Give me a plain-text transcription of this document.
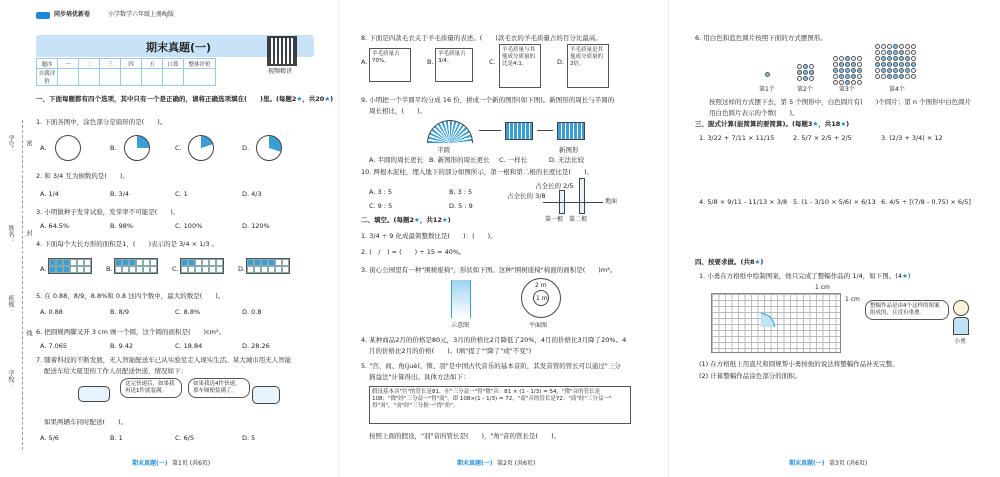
同步培优新卷	小学数学六年级上册RJ版
期末真题(一)
视频精讲
题序	一	二	三	四	五	口算	整体评价
自我评价							
学号：
姓名：
班级：
学校：
密
封
线
一、下面每题都有四个选项，其中只有一个是正确的，请将正确选项填在(　　)里。(每题2★，共20★)
1. 下面各图中，涂色部分是扇形的是(　　)。
A.	B.	C.	D.
2. 和 3/4 互为倒数的是(　　)。
A. 1/4	B. 3/4	C. 1	D. 4/3
3. 小明做种子发芽试验，发芽率不可能是(　　)。
A. 64.5%	B. 98%	C. 100%	D. 120%
4. 下面每个大长方形的面积是1，(　　)表示的是 3/4 × 1/3 。
A.	B.	C.	D.
5. 在 0.88，8/9，8.8%和 0.8 这四个数中，最大的数是(　　)。
A. 0.88	B. 8/9	C. 8.8%	D. 0.8
6. 把圆规两脚叉开 3 cm 画一个圆，这个圆的面积是(　　)cm²。
A. 7.065	B. 9.42	C. 18.84	D. 28.26
7. 随着科技的不断发展，无人智能配送车已从实验室走入现实生活。某大城市用无人智能
配送车给大厦里的工作人员配送快递，情况如下：
送完快递后，如果我再送1件就装满。
如果我送4件快递，那车厢便装满了。
如果两辆车同时配送(　　)。
A. 5/6	B. 1	C. 6/5	D. 5
期末真题(一) 第1页 (共6页)
8. 下面是四款毛衣关于羊毛质量的表述。(　　)款毛衣的羊毛质量占的百分比最高。
A.
羊毛质量占70%。	B.
羊毛质量占 3/4。	C.
羊毛质量与其他成分质量的比是4:1。	D.
羊毛质量是其他成分质量的2倍。
9. 小明把一个半圆平均分成 16 份，拼成一个新的图形(如下图)。新图形的周长与半圆的
周长相比，(　　)。
半圆	新图形
A. 半圆的周长更长 B. 新图形的周长更长 C. 一样长	D. 无法比较
10. 两根木泥柱，埋入地下的部分如图所示，第一根和第二根的长度比是(　　)。
占全长的 2/5
占全长的 3/8
地面
第一根　第二根
A. 3 : 5	B. 3 : 5
C. 9 : 5	D. 5 : 9
二、填空。(每题2★，共12★)
1. 3/4 ÷ 9 化成最简整数比是(　　)：(　　)。
2. (　/　) = (　　) ÷ 15 = 40%。
3. 街心公园里有一种"围树座椅"，形状如下图。这种"围树座椅"椅面的面积是(　　)m²。
示意图
2 m
1 m
平面图
4. 某种商品2月的价格是80元，3月的价格比2月降低了20%，4月的价格比3月降了20%。4
月的价格比2月的价格(　　)。(填"提了""降了"或"不变")
5. "宫、商、角(jué)、徵、羽"是中国古代音乐的基本音阶，其发音管的管长可以通过"三分
损益法"计算得出。具体方法如下：
假设基本音"宫"的管长是81，在"三分益一"得"徵"音：81 × (1 - 1/3) = 54，"徵"音的管长是
108；"徵"经"三分益一"得"商"，即 108×(1 - 1/3) = 72，"商"音的管长是72；"商"经"三分益一"
得"羽"，"羽"经"三分损一"得"角"。
按照上面的假设，"羽"音的管长是(　　)，"角"音的管长是(　　)。
期末真题(一) 第2页 (共6页)
6. 用白色和蓝色圆片按照下面的方式摆图形。
第1个	第2个	第3个	第4个
按照这样的方式摆下去，第 5 个图形中，白色圆片有(　　)个圆片；第 n 个图形中白色圆片
用白色圆片表示的个数(　　)。
三、脱式计算(能简算的要简算)。(每题3★，共18★)
1. 3/22 + 7/11 × 11/15	2. 5/7 × 2/5 + 2/5	3. (2/3 + 3/4) × 12
4. 5/8 × 9/11 - 11/13 × 3/8 5. (1 - 3/10 × 5/6) × 6/13 6. 4/5 ÷ [(7/8 - 0.75) × 6/5]
四、按要求做。(共8★)
1. 小勇在方格纸中绘制图案，他只完成了整幅作品的 1/4，如下图。(4★)
1 cm
1 cm
整幅作品是由4个这样的图案组成的，且没有重叠。
小勇
(1) 在方格纸上用直尺和圆规帮小勇按他的说法将整幅作品补充完整。
(2) 计算整幅作品涂色部分的面积。
期末真题(一) 第3页 (共6页)
